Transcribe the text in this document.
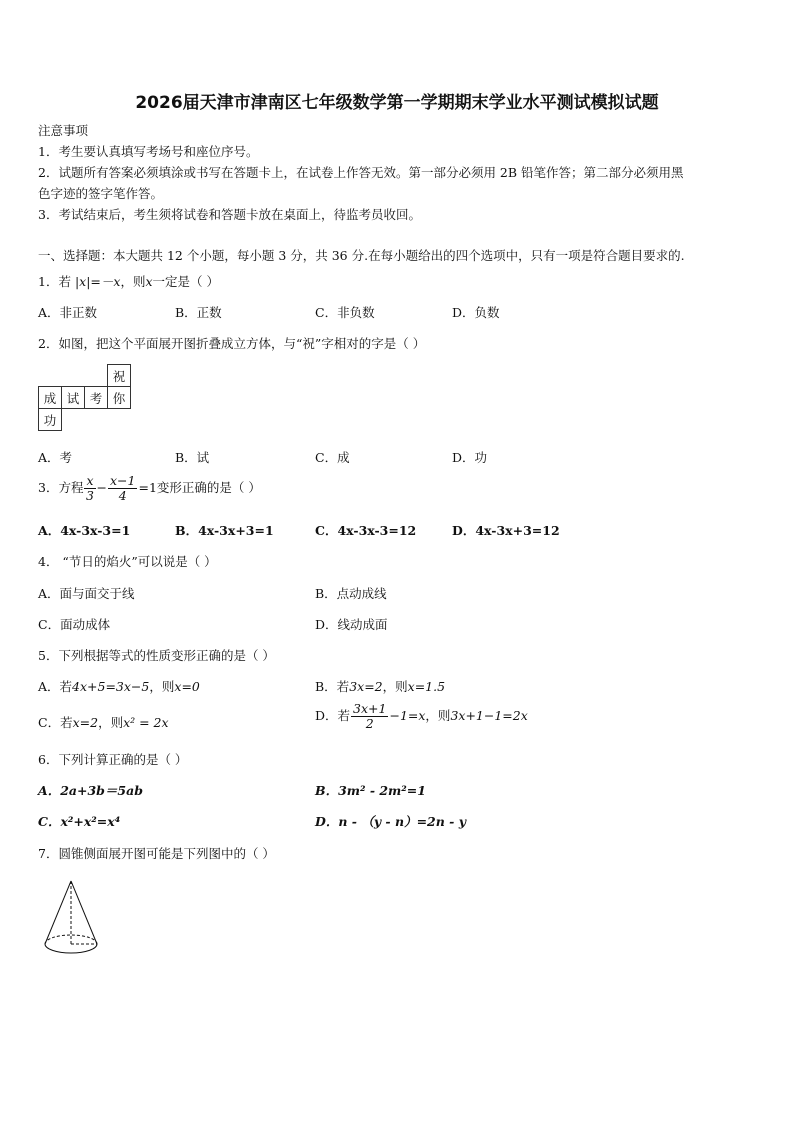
2026届天津市津南区七年级数学第一学期期末学业水平测试模拟试题
注意事项
1．考生要认真填写考场号和座位序号。
2．试题所有答案必须填涂或书写在答题卡上，在试卷上作答无效。第一部分必须用 2B 铅笔作答；第二部分必须用黑
色字迹的签字笔作答。
3．考试结束后，考生须将试卷和答题卡放在桌面上，待监考员收回。
一、选择题：本大题共 12 个小题，每小题 3 分，共 36 分.在每小题给出的四个选项中，只有一项是符合题目要求的.
1．若 |x|=－x，则x一定是（ ）
A．非正数	B．正数	C．非负数	D．负数
2．如图，把这个平面展开图折叠成立方体，与“祝”字相对的字是（ ）
			祝
成	试	考	你
功			
A．考	B．试	C．成	D．功
3．方程 $\frac{x}{3} - \frac{x-1}{4} =1$变形正确的是（ ）
A．4x-3x-3=1	B．4x-3x+3=1	C．4x-3x-3=12	D．4x-3x+3=12
4． “节日的焰火”可以说是（ ）
A．面与面交于线	B．点动成线
C．面动成体	D．线动成面
5．下列根据等式的性质变形正确的是（ ）
A．若4x+5=3x−5，则x=0	B．若3x=2，则x=1.5
C．若x=2，则x² = 2x	D．若 $\frac{3x+1}{2} -1=x$，则3x+1−1=2x
6．下列计算正确的是（ ）
A．2a+3b＝5ab	B．3m² - 2m²=1
C．x²+x²=x⁴	D．n - （y - n）=2n - y
7．圆锥侧面展开图可能是下列图中的（ ）
